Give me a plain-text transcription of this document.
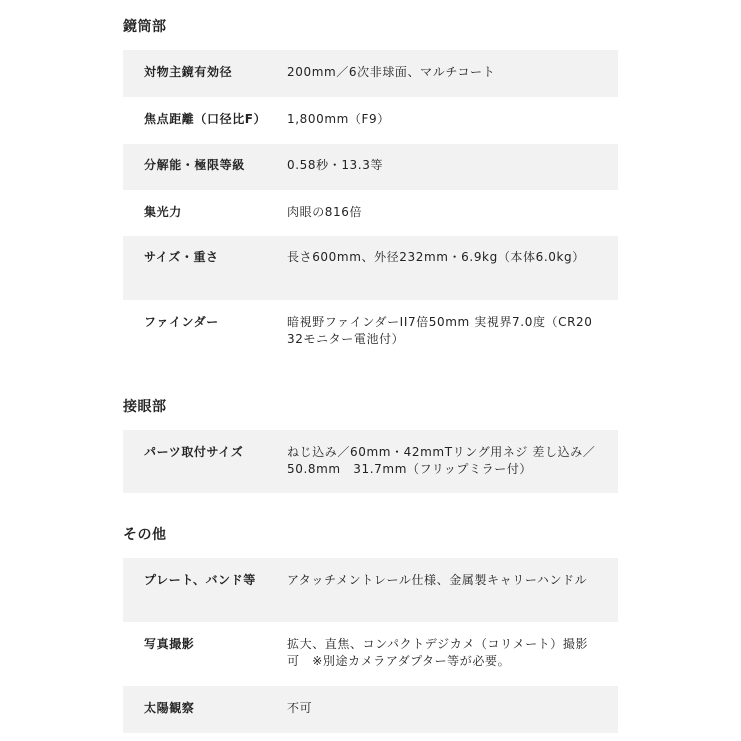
鏡筒部
対物主鏡有効径	200mm／6次非球面、マルチコート
焦点距離（口径比F）	1,800mm（F9）
分解能・極限等級	0.58秒・13.3等
集光力	肉眼の816倍
サイズ・重さ	長さ600mm、外径232mm・6.9kg（本体6.0kg）
ファインダー	暗視野ファインダーII7倍50mm 実視界7.0度（CR2032モニター電池付）
接眼部
パーツ取付サイズ	ねじ込み／60mm・42mmTリング用ネジ 差し込み／50.8mm　31.7mm（フリップミラー付）
その他
プレート、バンド等	アタッチメントレール仕様、金属製キャリーハンドル
写真撮影	拡大、直焦、コンパクトデジカメ（コリメート）撮影可　※別途カメラアダプター等が必要。
太陽観察	不可
